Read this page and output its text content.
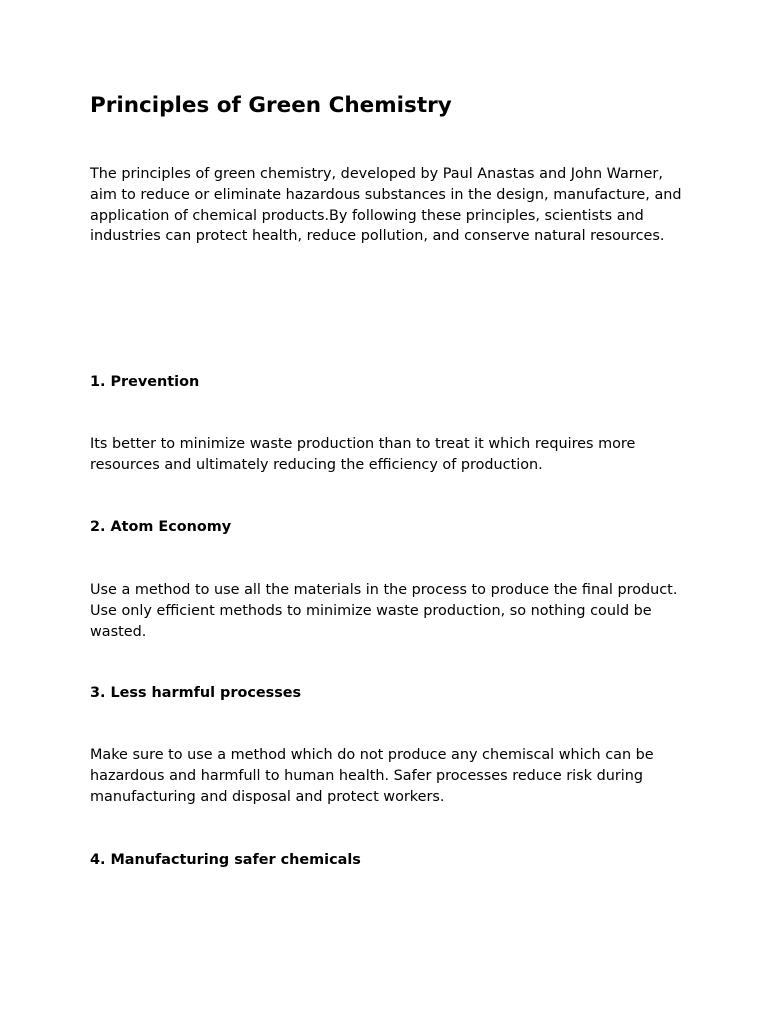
Principles of Green Chemistry

The principles of green chemistry, developed by Paul Anastas and John Warner, aim to reduce or eliminate hazardous substances in the design, manufacture, and application of chemical products.By following these principles, scientists and industries can protect health, reduce pollution, and conserve natural resources.

1. Prevention

Its better to minimize waste production than to treat it which requires more resources and ultimately reducing the efficiency of production.

2. Atom Economy

Use a method to use all the materials in the process to produce the final product. Use only efficient methods to minimize waste production, so nothing could be wasted.

3. Less harmful processes

Make sure to use a method which do not produce any chemiscal which can be hazardous and harmfull to human health. Safer processes reduce risk during manufacturing and disposal and protect workers.

4. Manufacturing safer chemicals
